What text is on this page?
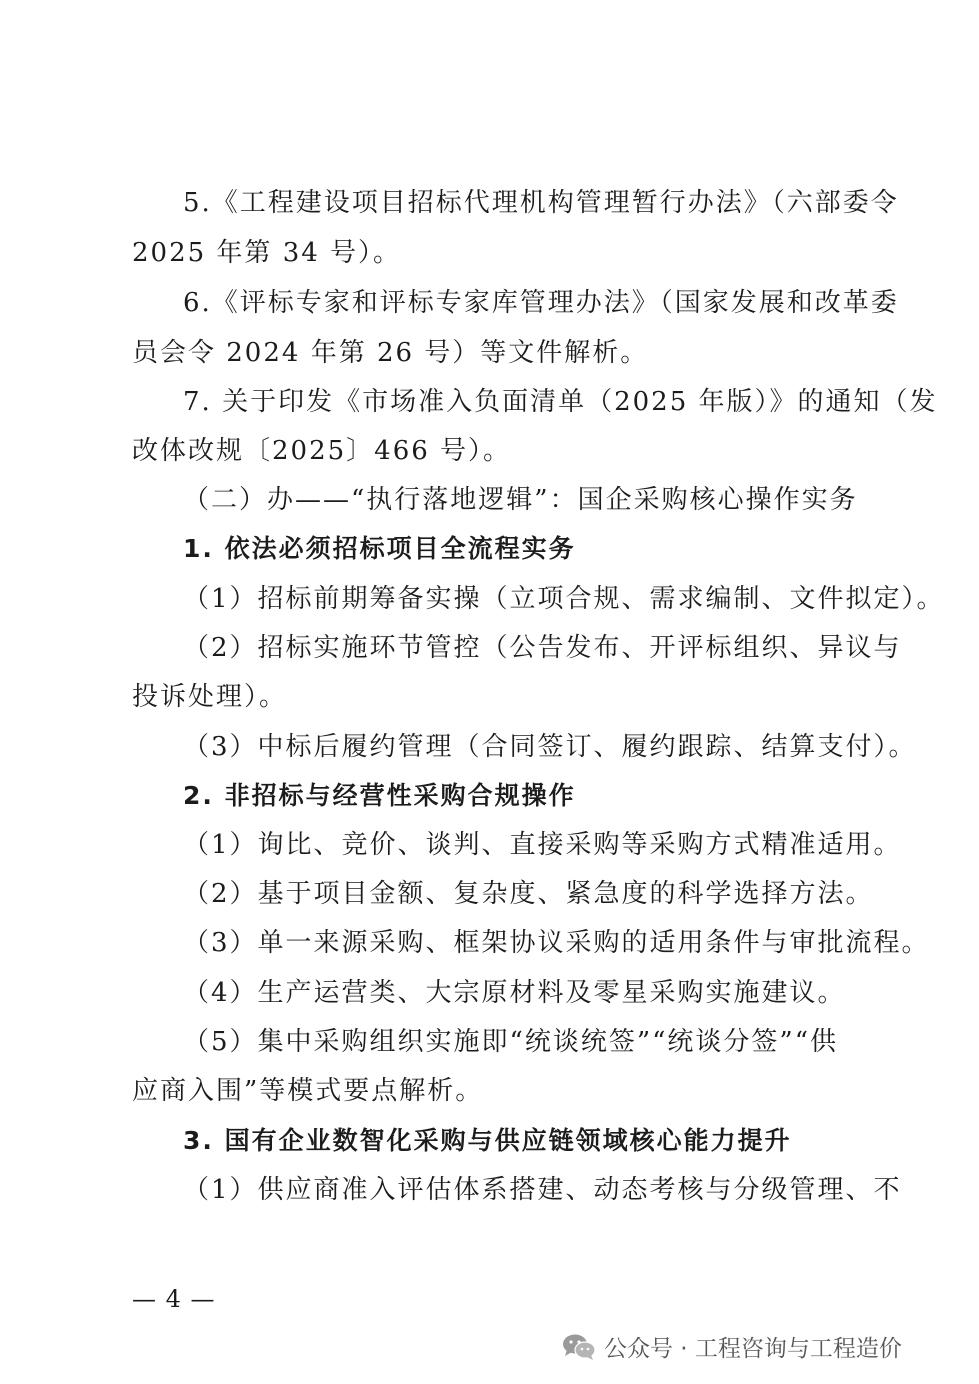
5.《工程建设项目招标代理机构管理暂行办法》（六部委令
2025 年第 34 号）。
6.《评标专家和评标专家库管理办法》（国家发展和改革委
员会令 2024 年第 26 号）等文件解析。
7. 关于印发《市场准入负面清单（2025 年版）》的通知（发
改体改规〔2025〕466 号）。
（二）办——“执行落地逻辑”：国企采购核心操作实务
1. 依法必须招标项目全流程实务
（1）招标前期筹备实操（立项合规、需求编制、文件拟定）。
（2）招标实施环节管控（公告发布、开评标组织、异议与
投诉处理）。
（3）中标后履约管理（合同签订、履约跟踪、结算支付）。
2. 非招标与经营性采购合规操作
（1）询比、竞价、谈判、直接采购等采购方式精准适用。
（2）基于项目金额、复杂度、紧急度的科学选择方法。
（3）单一来源采购、框架协议采购的适用条件与审批流程。
（4）生产运营类、大宗原材料及零星采购实施建议。
（5）集中采购组织实施即“统谈统签”“统谈分签”“供
应商入围”等模式要点解析。
3. 国有企业数智化采购与供应链领域核心能力提升
（1）供应商准入评估体系搭建、动态考核与分级管理、不
— 4 —
公众号 · 工程咨询与工程造价
